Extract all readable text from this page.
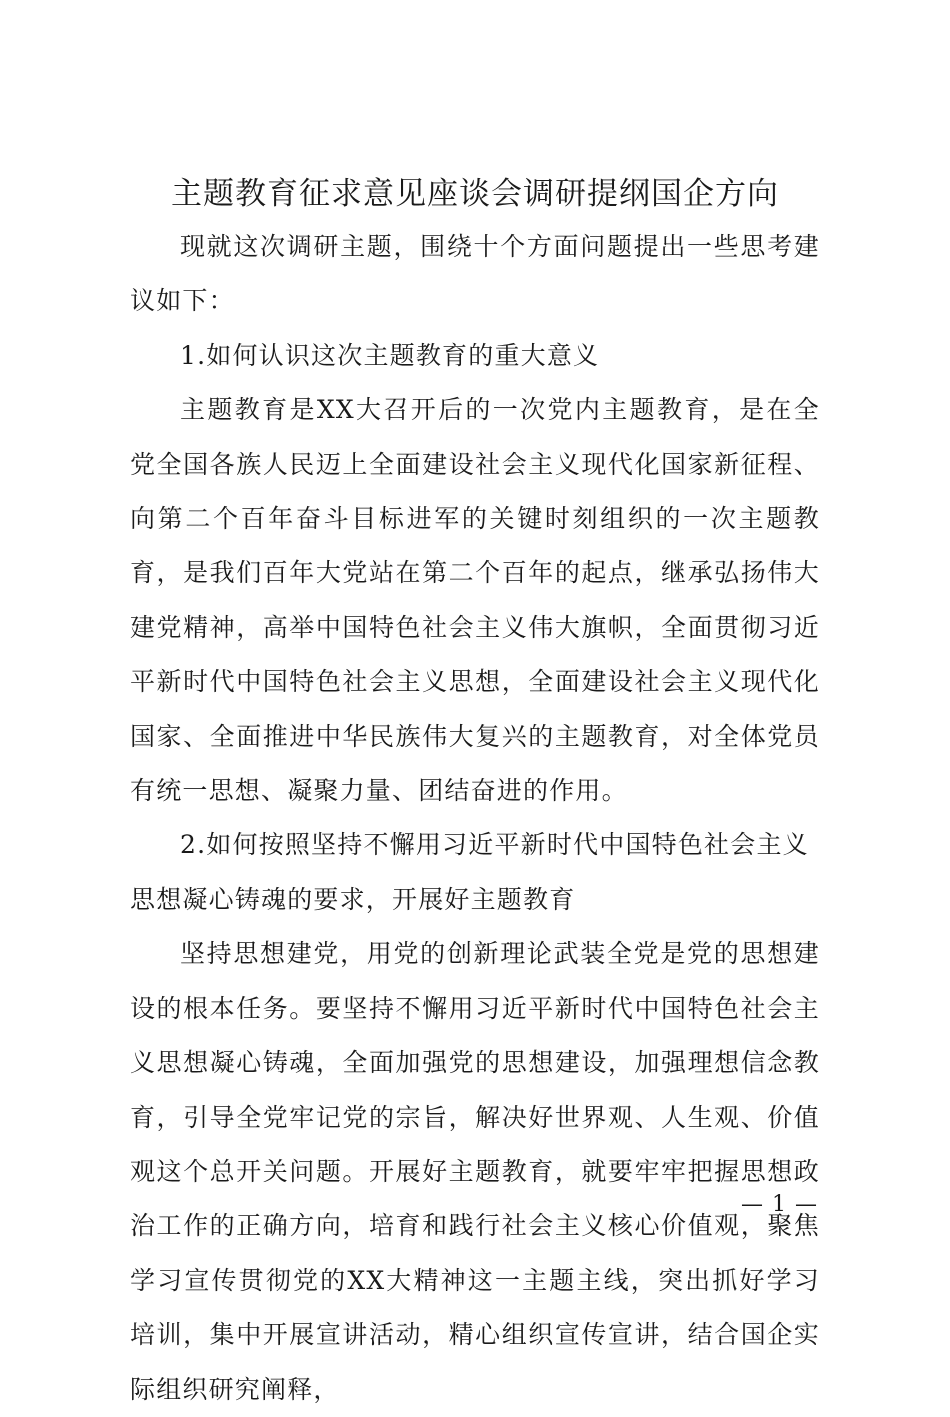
主题教育征求意见座谈会调研提纲国企方向

现就这次调研主题，围绕十个方面问题提出一些思考建议如下：

1.如何认识这次主题教育的重大意义

主题教育是XX大召开后的一次党内主题教育，是在全党全国各族人民迈上全面建设社会主义现代化国家新征程、向第二个百年奋斗目标进军的关键时刻组织的一次主题教育，是我们百年大党站在第二个百年的起点，继承弘扬伟大建党精神，高举中国特色社会主义伟大旗帜，全面贯彻习近平新时代中国特色社会主义思想，全面建设社会主义现代化国家、全面推进中华民族伟大复兴的主题教育，对全体党员有统一思想、凝聚力量、团结奋进的作用。

2.如何按照坚持不懈用习近平新时代中国特色社会主义思想凝心铸魂的要求，开展好主题教育

坚持思想建党，用党的创新理论武装全党是党的思想建设的根本任务。要坚持不懈用习近平新时代中国特色社会主义思想凝心铸魂，全面加强党的思想建设，加强理想信念教育，引导全党牢记党的宗旨，解决好世界观、人生观、价值观这个总开关问题。开展好主题教育，就要牢牢把握思想政治工作的正确方向，培育和践行社会主义核心价值观，聚焦学习宣传贯彻党的XX大精神这一主题主线，突出抓好学习培训，集中开展宣讲活动，精心组织宣传宣讲，结合国企实际组织研究阐释，

— 1 —
